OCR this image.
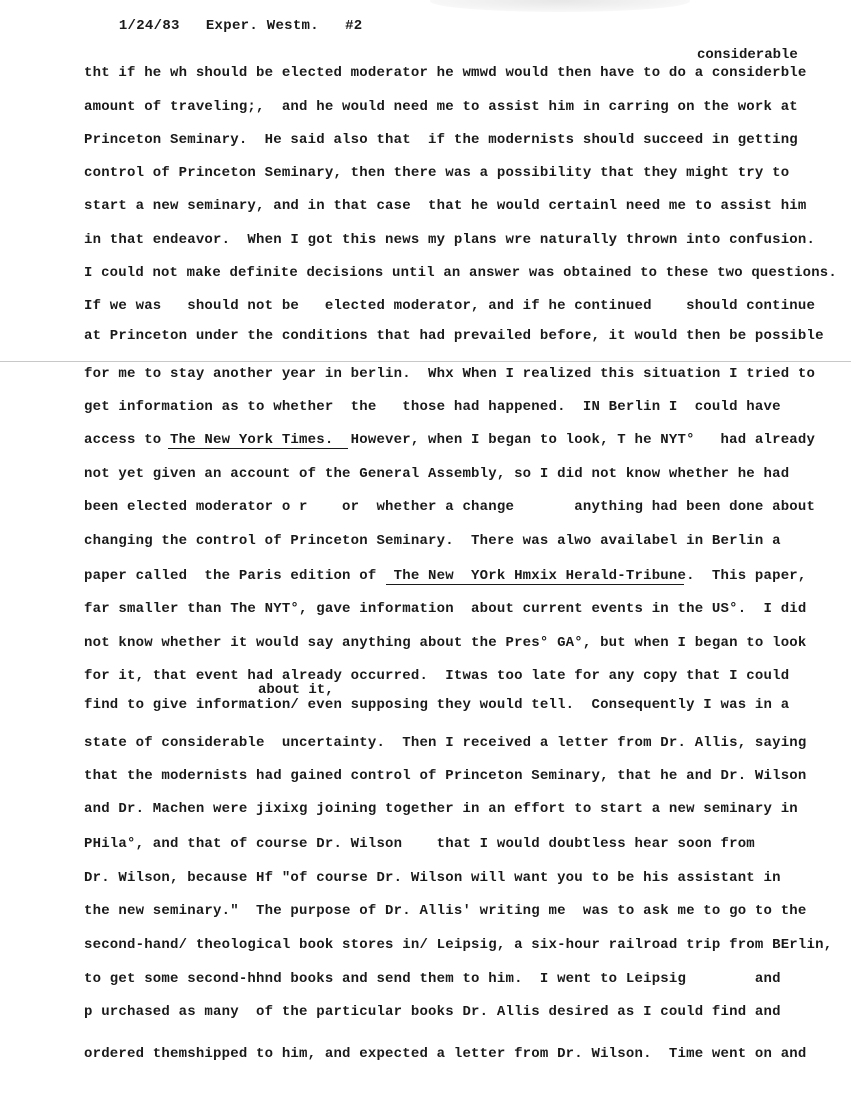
1/24/83 Exper. Westm. #2

considerable
tht if he wh should be elected moderator he wmwd would then have to do a considerble
amount of traveling;,  and he would need me to assist him in carring on the work at
Princeton Seminary.  He said also that  if the modernists should succeed in getting
control of Princeton Seminary, then there was a possibility that they might try to
start a new seminary, and in that case  that he would certainl need me to assist him
in that endeavor.  When I got this news my plans wre naturally thrown into confusion.
I could not make definite decisions until an answer was obtained to these two questions.
If we was   should not be   elected moderator, and if he continued    should continue
at Princeton under the conditions that had prevailed before, it would then be possible
for me to stay another year in berlin.  Whx When I realized this situation I tried to
get information as to whether  the   those had happened.  IN Berlin I  could have
access to The New York Times.  However, when I began to look, T he NYT°   had already
not yet given an account of the General Assembly, so I did not know whether he had
been elected moderator o r    or  whether a change       anything had been done about
changing the control of Princeton Seminary.  There was alwo availabel in Berlin a
paper called  the Paris edition of  The New  YOrk Hmxix Herald-Tribune.  This paper,
far smaller than The NYT°, gave information  about current events in the US°.  I did
not know whether it would say anything about the Pres° GA°, but when I began to look
for it, that event had already occurred.  Itwas too late for any copy that I could
about it,
find to give information/ even supposing they would tell.  Consequently I was in a
state of considerable  uncertainty.  Then I received a letter from Dr. Allis, saying
that the modernists had gained control of Princeton Seminary, that he and Dr. Wilson
and Dr. Machen were jixixg joining together in an effort to start a new seminary in
PHila°, and that of course Dr. Wilson    that I would doubtless hear soon from
Dr. Wilson, because Hf "of course Dr. Wilson will want you to be his assistant in
the new seminary."  The purpose of Dr. Allis' writing me  was to ask me to go to the
second-hand/ theological book stores in/ Leipsig, a six-hour railroad trip from BErlin,
to get some second-hhnd books and send them to him.  I went to Leipsig        and
p urchased as many  of the particular books Dr. Allis desired as I could find and
ordered themshipped to him, and expected a letter from Dr. Wilson.  Time went on and
